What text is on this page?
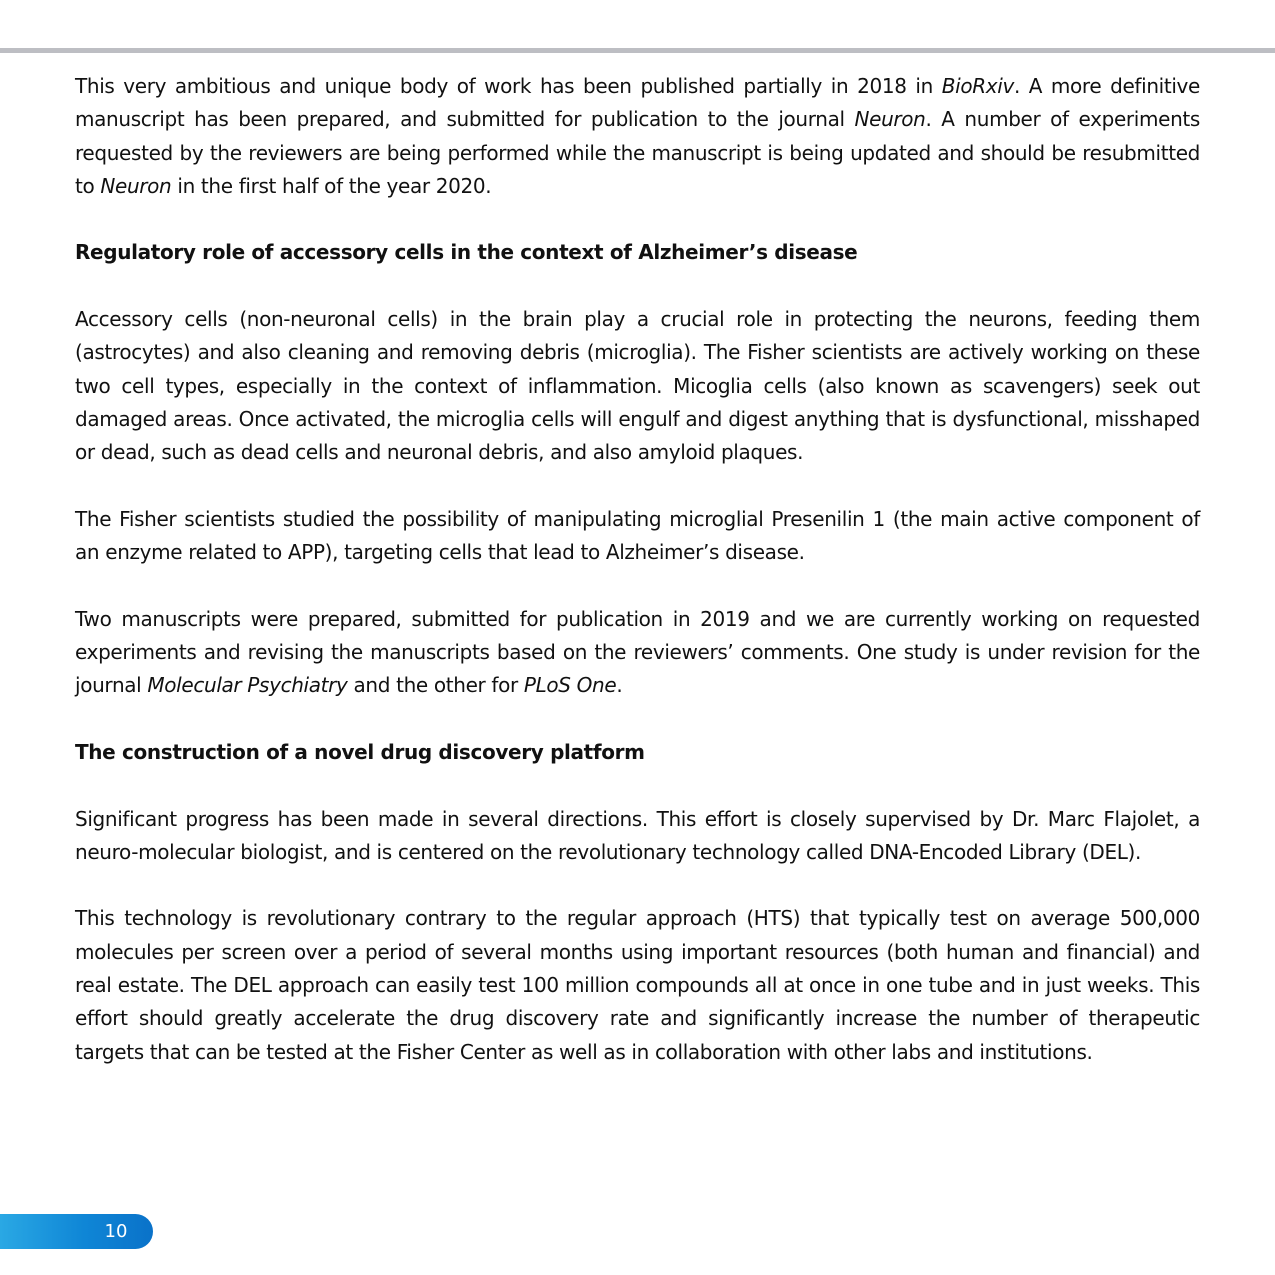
This very ambitious and unique body of work has been published partially in 2018 in BioRxiv. A more definitive manuscript has been prepared, and submitted for publication to the journal Neuron. A number of experiments requested by the reviewers are being performed while the manuscript is being updated and should be resubmitted to Neuron in the first half of the year 2020.

Regulatory role of accessory cells in the context of Alzheimer’s disease

Accessory cells (non-neuronal cells) in the brain play a crucial role in protecting the neurons, feeding them (astrocytes) and also cleaning and removing debris (microglia). The Fisher scientists are actively working on these two cell types, especially in the context of inflammation. Micoglia cells (also known as scavengers) seek out damaged areas. Once activated, the microglia cells will engulf and digest anything that is dysfunctional, misshaped or dead, such as dead cells and neuronal debris, and also amyloid plaques.

The Fisher scientists studied the possibility of manipulating microglial Presenilin 1 (the main active component of an enzyme related to APP), targeting cells that lead to Alzheimer’s disease.

Two manuscripts were prepared, submitted for publication in 2019 and we are currently working on requested experiments and revising the manuscripts based on the reviewers’ comments. One study is under revision for the journal Molecular Psychiatry and the other for PLoS One.

The construction of a novel drug discovery platform

Significant progress has been made in several directions. This effort is closely supervised by Dr. Marc Flajolet, a neuro-molecular biologist, and is centered on the revolutionary technology called DNA-Encoded Library (DEL).

This technology is revolutionary contrary to the regular approach (HTS) that typically test on average 500,000 molecules per screen over a period of several months using important resources (both human and financial) and real estate. The DEL approach can easily test 100 million compounds all at once in one tube and in just weeks. This effort should greatly accelerate the drug discovery rate and significantly increase the number of therapeutic targets that can be tested at the Fisher Center as well as in collaboration with other labs and institutions.

10
